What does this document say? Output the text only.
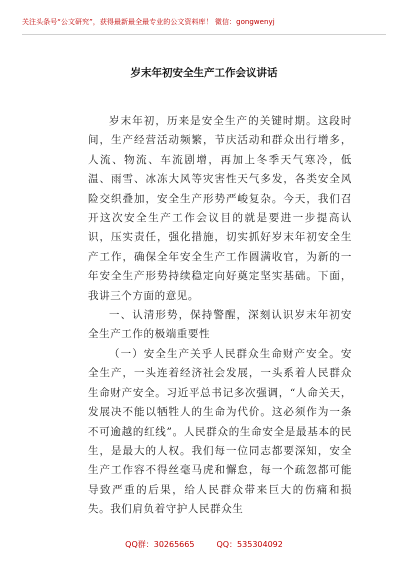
关注头条号“公文研究”，获得最新最全最专业的公文资料库！ 微信：gongwenyj
岁末年初安全生产工作会议讲话

岁末年初，历来是安全生产的关键时期。这段时间，生产经营活动频繁，节庆活动和群众出行增多，人流、物流、车流剧增，再加上冬季天气寒冷，低温、雨雪、冰冻大风等灾害性天气多发，各类安全风险交织叠加，安全生产形势严峻复杂。今天，我们召开这次安全生产工作会议目的就是要进一步提高认识，压实责任，强化措施，切实抓好岁末年初安全生产工作，确保全年安全生产工作圆满收官，为新的一年安全生产形势持续稳定向好奠定坚实基础。下面，我讲三个方面的意见。

一、认清形势，保持警醒，深刻认识岁末年初安全生产工作的极端重要性

（一）安全生产关乎人民群众生命财产安全。安全生产，一头连着经济社会发展，一头系着人民群众生命财产安全。习近平总书记多次强调，“人命关天，发展决不能以牺牲人的生命为代价。这必须作为一条不可逾越的红线”。人民群众的生命安全是最基本的民生，是最大的人权。我们每一位同志都要深知，安全生产工作容不得丝毫马虎和懈怠，每一个疏忽都可能导致严重的后果，给人民群众带来巨大的伤痛和损失。我们肩负着守护人民群众生

QQ群：30265665	QQ：535304092
